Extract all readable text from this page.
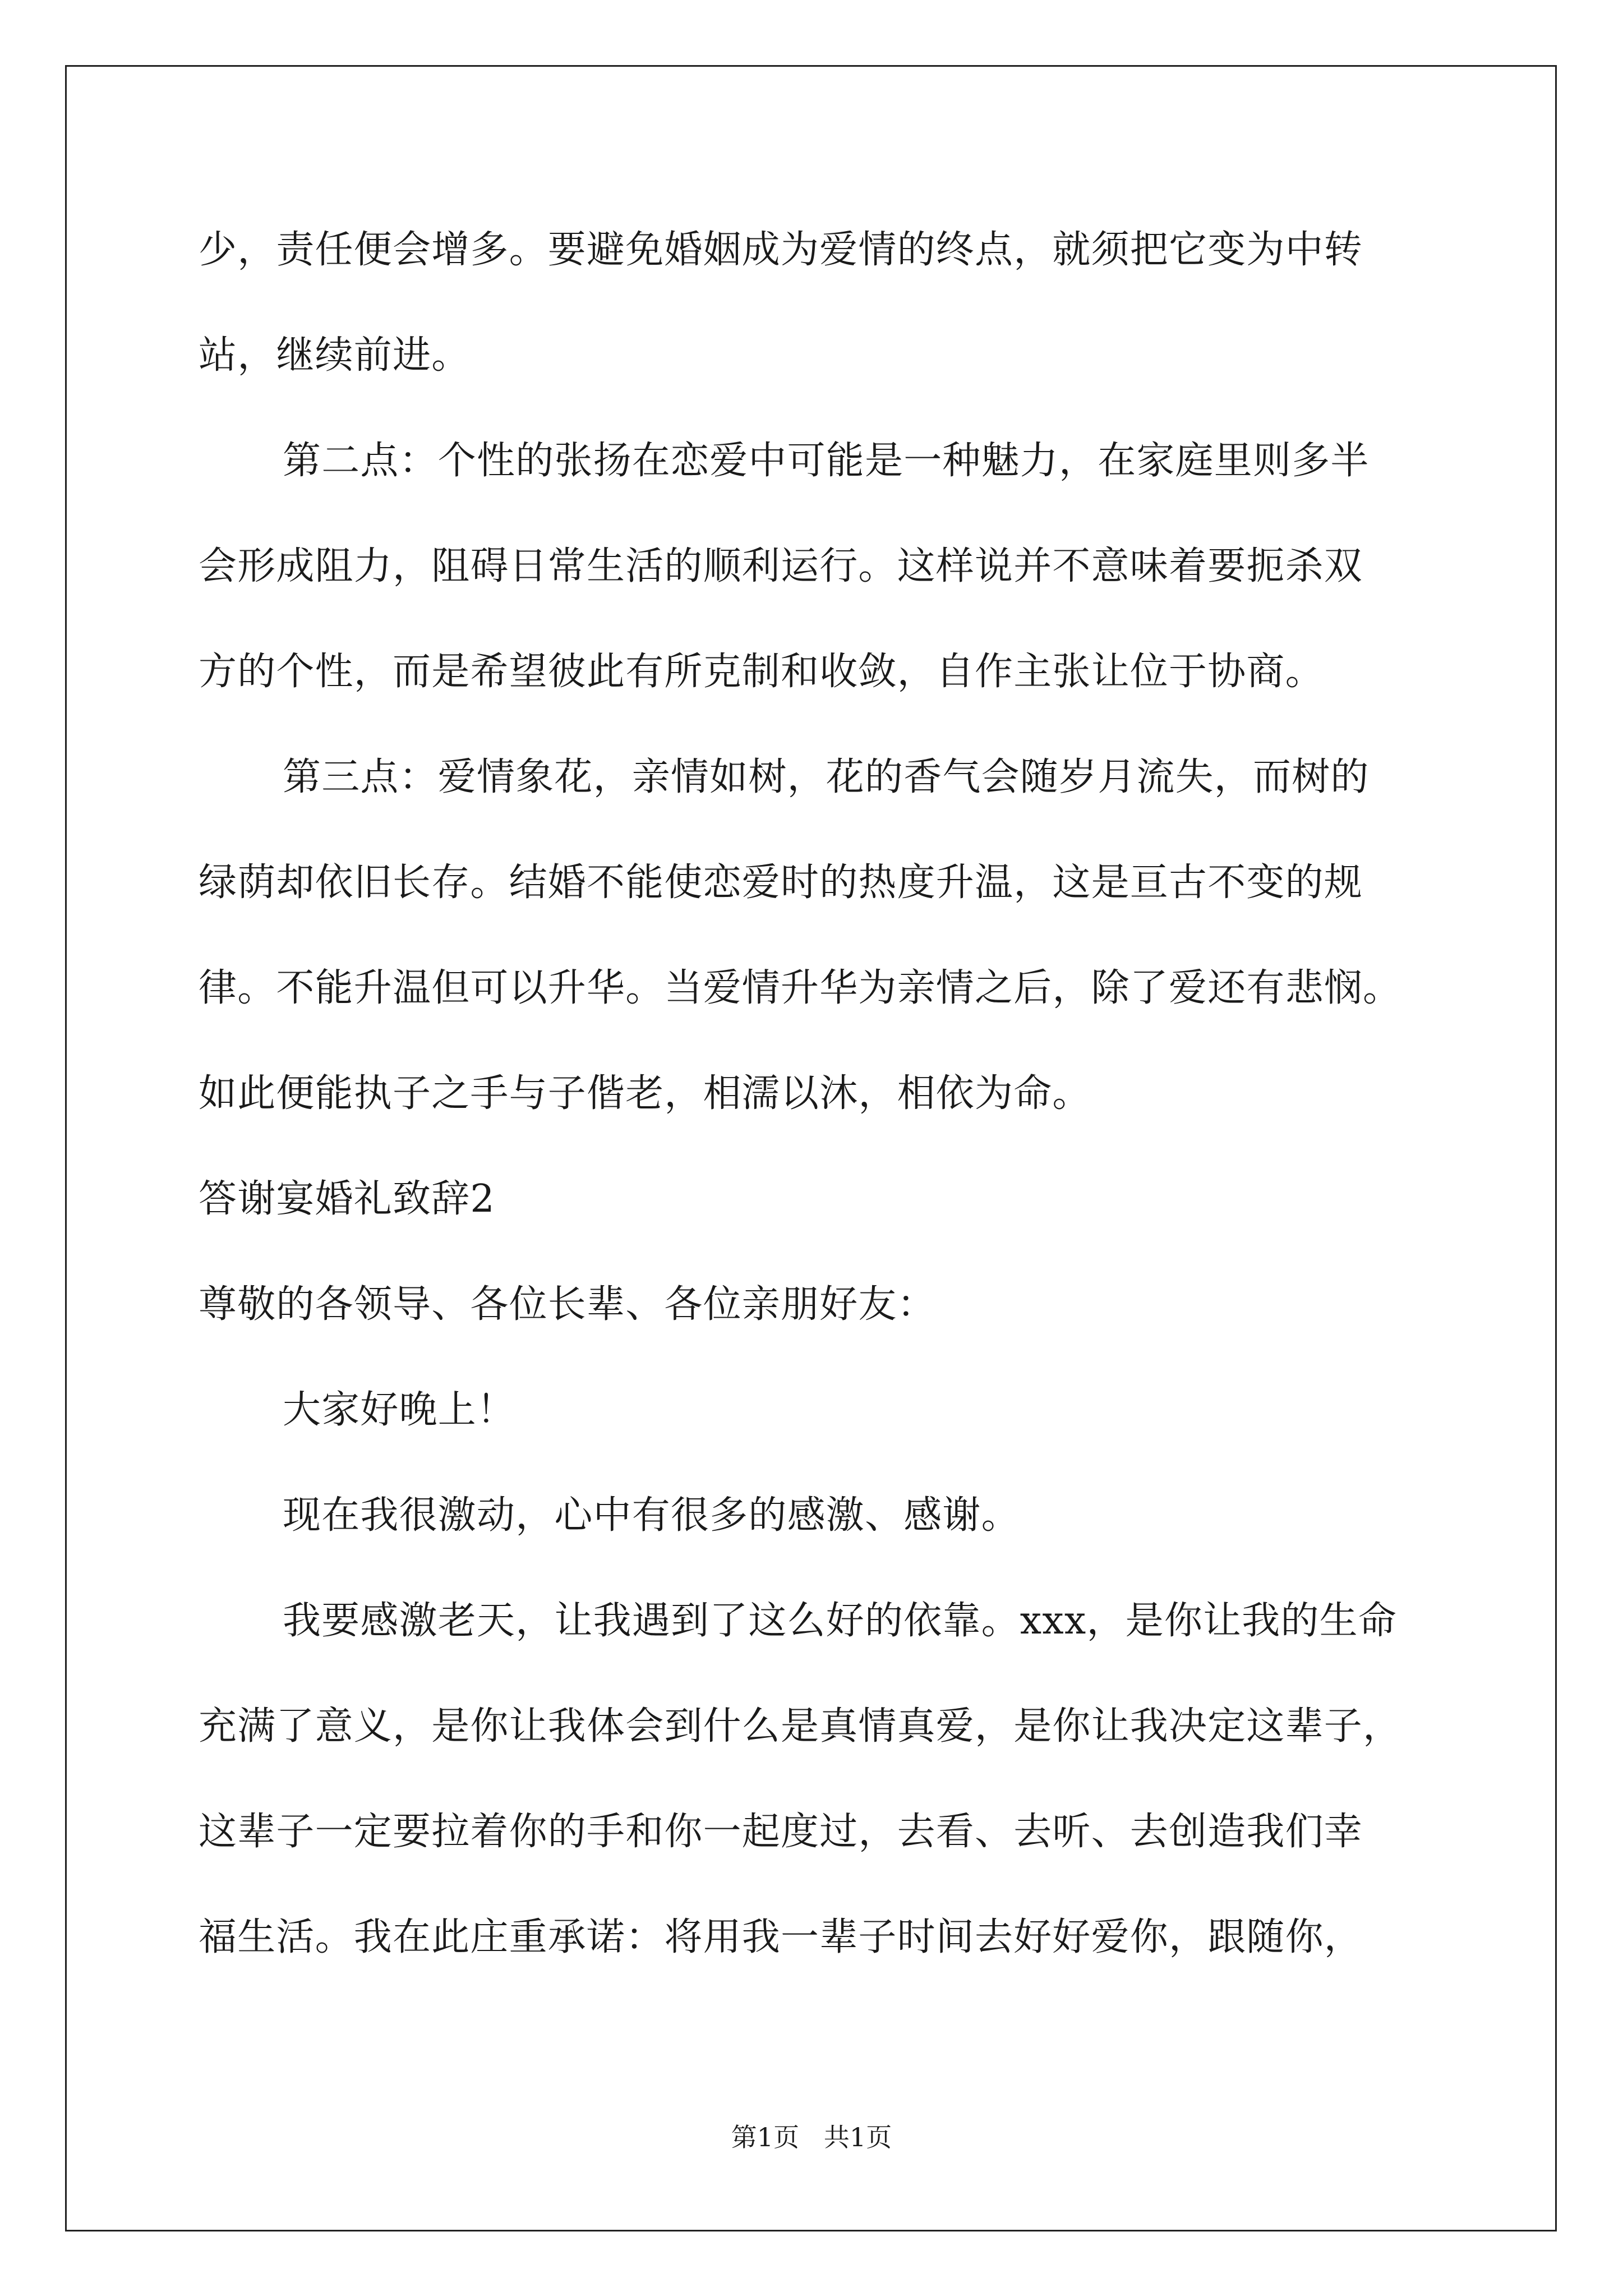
少，责任便会增多。要避免婚姻成为爱情的终点，就须把它变为中转
站，继续前进。
第二点：个性的张扬在恋爱中可能是一种魅力，在家庭里则多半
会形成阻力，阻碍日常生活的顺利运行。这样说并不意味着要扼杀双
方的个性，而是希望彼此有所克制和收敛，自作主张让位于协商。
第三点：爱情象花，亲情如树，花的香气会随岁月流失，而树的
绿荫却依旧长存。结婚不能使恋爱时的热度升温，这是亘古不变的规
律。不能升温但可以升华。当爱情升华为亲情之后，除了爱还有悲悯。
如此便能执子之手与子偕老，相濡以沐，相依为命。
答谢宴婚礼致辞2
尊敬的各领导、各位长辈、各位亲朋好友：
大家好晚上！
现在我很激动，心中有很多的感激、感谢。
我要感激老天，让我遇到了这么好的依靠。xxx，是你让我的生命
充满了意义，是你让我体会到什么是真情真爱，是你让我决定这辈子，
这辈子一定要拉着你的手和你一起度过，去看、去听、去创造我们幸
福生活。我在此庄重承诺：将用我一辈子时间去好好爱你，跟随你，
第1页   共1页
